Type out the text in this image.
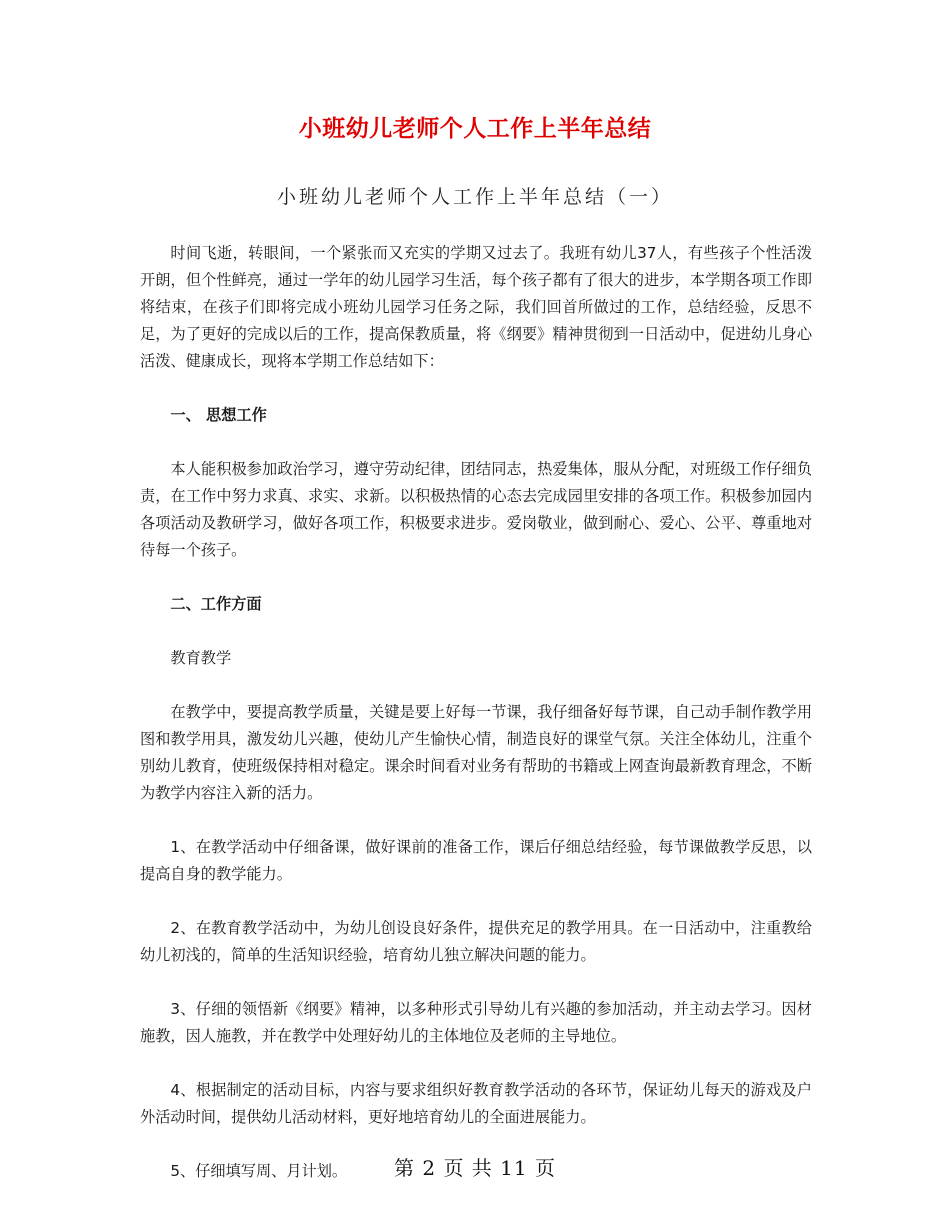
小班幼儿老师个人工作上半年总结
小班幼儿老师个人工作上半年总结（一）

时间飞逝，转眼间，一个紧张而又充实的学期又过去了。我班有幼儿37人，有些孩子个性活泼开朗，但个性鲜亮，通过一学年的幼儿园学习生活，每个孩子都有了很大的进步，本学期各项工作即将结束，在孩子们即将完成小班幼儿园学习任务之际，我们回首所做过的工作，总结经验，反思不足，为了更好的完成以后的工作，提高保教质量，将《纲要》精神贯彻到一日活动中，促进幼儿身心活泼、健康成长，现将本学期工作总结如下：

一、 思想工作

本人能积极参加政治学习，遵守劳动纪律，团结同志，热爱集体，服从分配，对班级工作仔细负责，在工作中努力求真、求实、求新。以积极热情的心态去完成园里安排的各项工作。积极参加园内各项活动及教研学习，做好各项工作，积极要求进步。爱岗敬业，做到耐心、爱心、公平、尊重地对待每一个孩子。

二、工作方面

教育教学

在教学中，要提高教学质量，关键是要上好每一节课，我仔细备好每节课，自己动手制作教学用图和教学用具，激发幼儿兴趣，使幼儿产生愉快心情，制造良好的课堂气氛。关注全体幼儿，注重个别幼儿教育，使班级保持相对稳定。课余时间看对业务有帮助的书籍或上网查询最新教育理念，不断为教学内容注入新的活力。

1、在教学活动中仔细备课，做好课前的准备工作，课后仔细总结经验，每节课做教学反思，以提高自身的教学能力。

2、在教育教学活动中，为幼儿创设良好条件，提供充足的教学用具。在一日活动中，注重教给幼儿初浅的，简单的生活知识经验，培育幼儿独立解决问题的能力。

3、仔细的领悟新《纲要》精神，以多种形式引导幼儿有兴趣的参加活动，并主动去学习。因材施教，因人施教，并在教学中处理好幼儿的主体地位及老师的主导地位。

4、根据制定的活动目标，内容与要求组织好教育教学活动的各环节，保证幼儿每天的游戏及户外活动时间，提供幼儿活动材料，更好地培育幼儿的全面进展能力。

5、仔细填写周、月计划。	第 2 页 共 11 页
